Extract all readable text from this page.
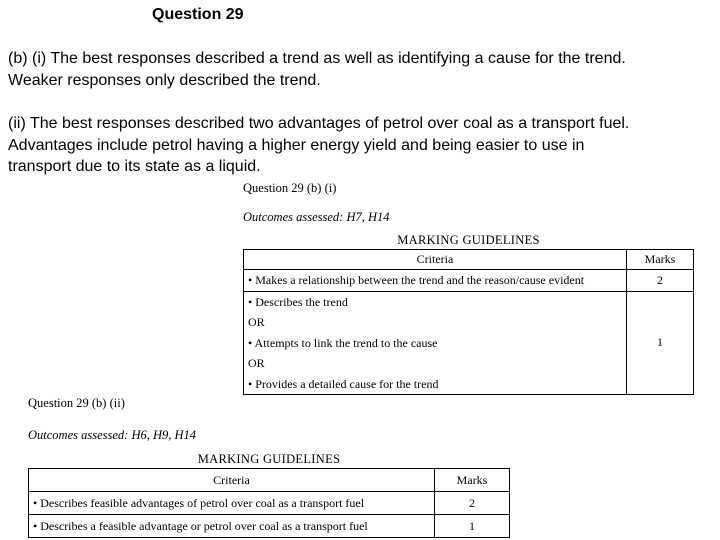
Question 29
(b) (i) The best responses described a trend as well as identifying a cause for the trend.
Weaker responses only described the trend.
(ii) The best responses described two advantages of petrol over coal as a transport fuel.
Advantages include petrol having a higher energy yield and being easier to use in
transport due to its state as a liquid.
Question 29 (b) (i)
Outcomes assessed: H7, H14
MARKING GUIDELINES
Criteria	Marks

• Makes a relationship between the trend and the reason/cause evident	2

• Describes the trend
OR
• Attempts to link the trend to the cause
OR
• Provides a detailed cause for the trend	1
Question 29 (b) (ii)
Outcomes assessed: H6, H9, H14
MARKING GUIDELINES
Criteria	Marks
• Describes feasible advantages of petrol over coal as a transport fuel	2
• Describes a feasible advantage or petrol over coal as a transport fuel	1
